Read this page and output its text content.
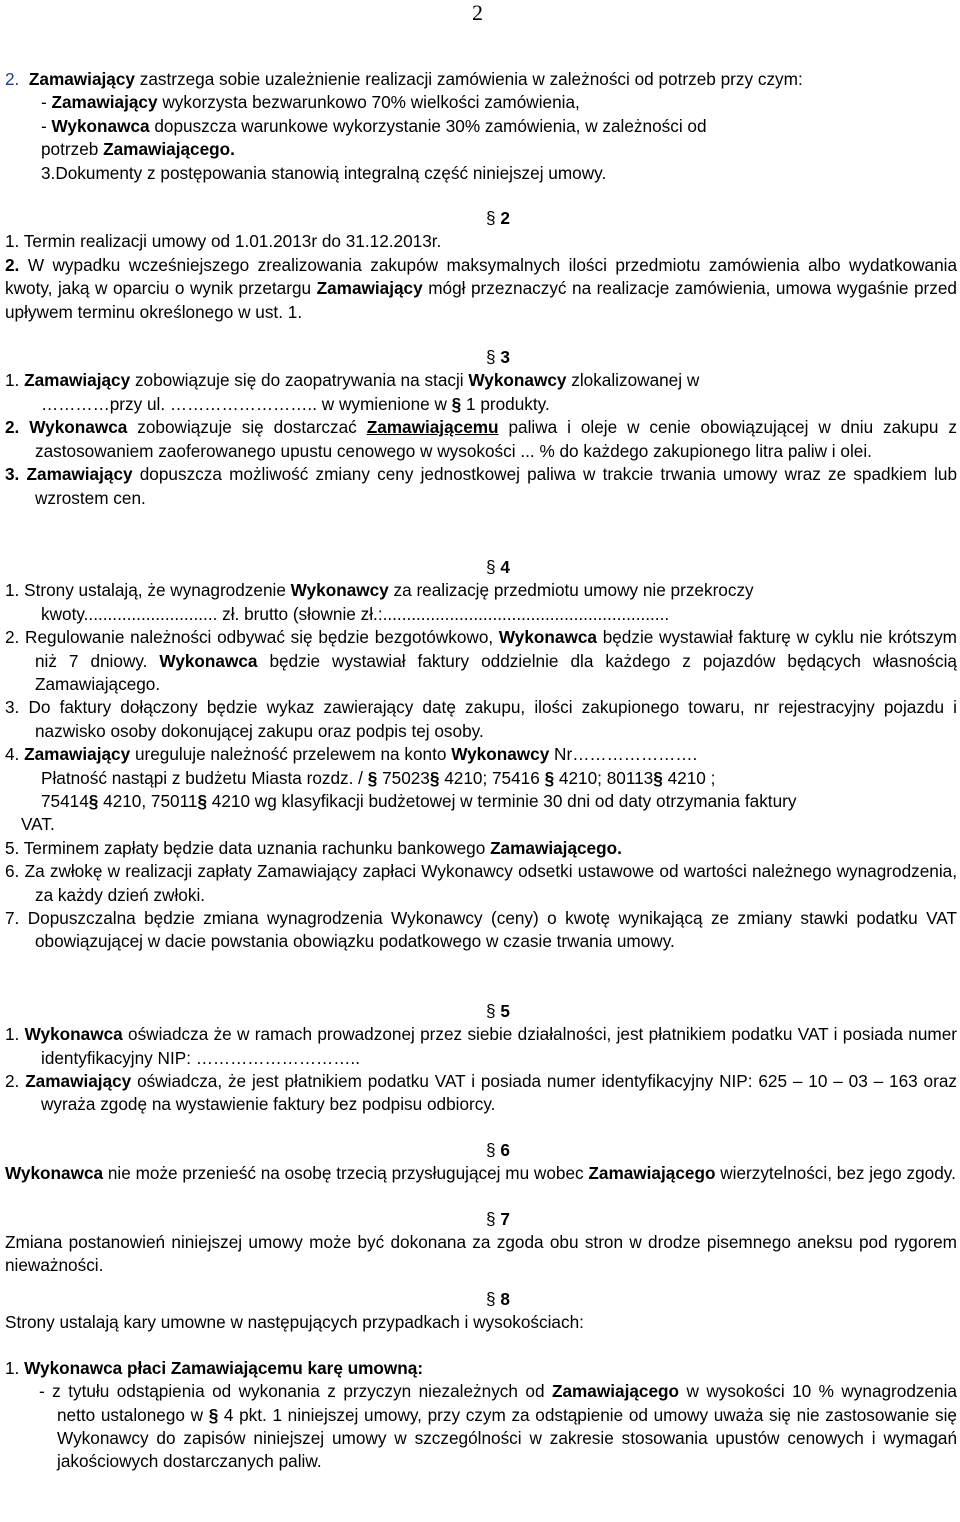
2

2. Zamawiający zastrzega sobie uzależnienie realizacji zamówienia w zależności od potrzeb przy czym:

- Zamawiający wykorzysta bezwarunkowo 70% wielkości zamówienia,

- Wykonawca dopuszcza warunkowe wykorzystanie 30% zamówienia, w zależności od

potrzeb Zamawiającego.

3.Dokumenty z postępowania stanowią integralną część niniejszej umowy.

§ 2

1. Termin realizacji umowy od 1.01.2013r do 31.12.2013r.

2. W wypadku wcześniejszego zrealizowania zakupów maksymalnych ilości przedmiotu zamówienia albo wydatkowania kwoty, jaką w oparciu o wynik przetargu Zamawiający mógł przeznaczyć na realizacje zamówienia, umowa wygaśnie przed upływem terminu określonego w ust. 1.

§ 3

1. Zamawiający zobowiązuje się do zaopatrywania na stacji Wykonawcy zlokalizowanej w

…………przy ul. …………………….. w wymienione w § 1 produkty.

2. Wykonawca zobowiązuje się dostarczać Zamawiającemu paliwa i oleje w cenie obowiązującej w dniu zakupu z zastosowaniem zaoferowanego upustu cenowego w wysokości ... % do każdego zakupionego litra paliw i olei.

3. Zamawiający dopuszcza możliwość zmiany ceny jednostkowej paliwa w trakcie trwania umowy wraz ze spadkiem lub wzrostem cen.

§ 4

1. Strony ustalają, że wynagrodzenie Wykonawcy za realizację przedmiotu umowy nie przekroczy

kwoty............................ zł. brutto (słownie zł.:............................................................

2. Regulowanie należności odbywać się będzie bezgotówkowo, Wykonawca będzie wystawiał fakturę w cyklu nie krótszym niż 7 dniowy. Wykonawca będzie wystawiał faktury oddzielnie dla każdego z pojazdów będących własnością Zamawiającego.

3. Do faktury dołączony będzie wykaz zawierający datę zakupu, ilości zakupionego towaru, nr rejestracyjny pojazdu i nazwisko osoby dokonującej zakupu oraz podpis tej osoby.

4. Zamawiający ureguluje należność przelewem na konto Wykonawcy Nr………………….

Płatność nastąpi z budżetu Miasta rozdz. / § 75023§ 4210; 75416 § 4210; 80113§ 4210 ;

75414§ 4210, 75011§ 4210 wg klasyfikacji budżetowej w terminie 30 dni od daty otrzymania faktury

VAT.

5. Terminem zapłaty będzie data uznania rachunku bankowego Zamawiającego.

6. Za zwłokę w realizacji zapłaty Zamawiający zapłaci Wykonawcy odsetki ustawowe od wartości należnego wynagrodzenia, za każdy dzień zwłoki.

7. Dopuszczalna będzie zmiana wynagrodzenia Wykonawcy (ceny) o kwotę wynikającą ze zmiany stawki podatku VAT obowiązującej w dacie powstania obowiązku podatkowego w czasie trwania umowy.

§ 5

1. Wykonawca oświadcza że w ramach prowadzonej przez siebie działalności, jest płatnikiem podatku VAT i posiada numer identyfikacyjny NIP: ………………………..

2. Zamawiający oświadcza, że jest płatnikiem podatku VAT i posiada numer identyfikacyjny NIP: 625 – 10 – 03 – 163 oraz wyraża zgodę na wystawienie faktury bez podpisu odbiorcy.

§ 6

Wykonawca nie może przenieść na osobę trzecią przysługującej mu wobec Zamawiającego wierzytelności, bez jego zgody.

§ 7

Zmiana postanowień niniejszej umowy może być dokonana za zgoda obu stron w drodze pisemnego aneksu pod rygorem nieważności.

§ 8

Strony ustalają kary umowne w następujących przypadkach i wysokościach:

1. Wykonawca płaci Zamawiającemu karę umowną:

- z tytułu odstąpienia od wykonania z przyczyn niezależnych od Zamawiającego w wysokości 10 % wynagrodzenia netto ustalonego w § 4 pkt. 1 niniejszej umowy, przy czym za odstąpienie od umowy uważa się nie zastosowanie się Wykonawcy do zapisów niniejszej umowy w szczególności w zakresie stosowania upustów cenowych i wymagań jakościowych dostarczanych paliw.
